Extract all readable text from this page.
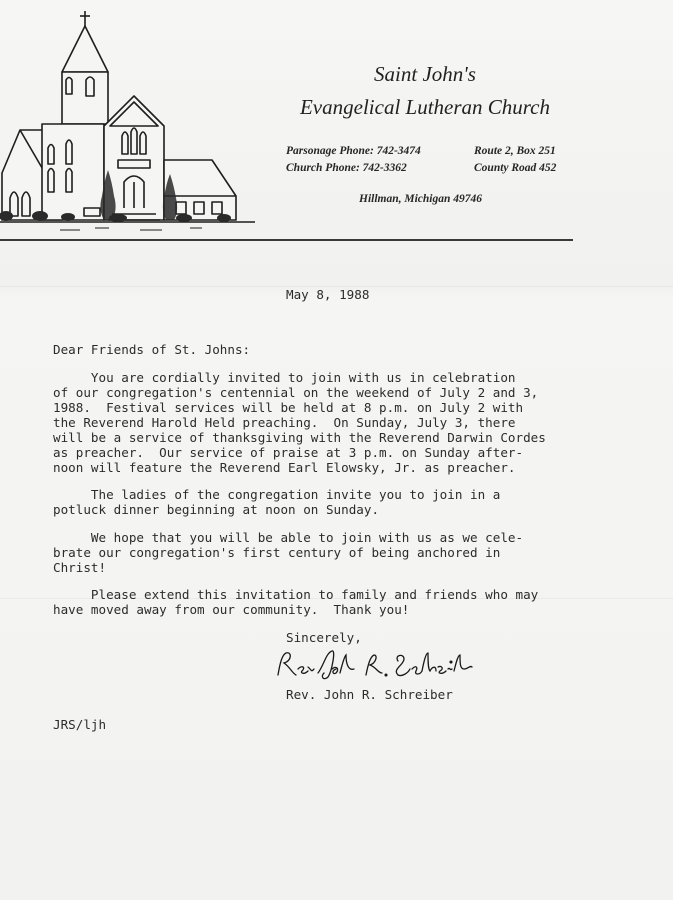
Saint John's
Evangelical Lutheran Church
Parsonage Phone: 742-3474
Church Phone: 742-3362
Route 2, Box 251
County Road 452
Hillman, Michigan 49746
May 8, 1988
Dear Friends of St. Johns:
You are cordially invited to join with us in celebration
of our congregation's centennial on the weekend of July 2 and 3,
1988.  Festival services will be held at 8 p.m. on July 2 with
the Reverend Harold Held preaching.  On Sunday, July 3, there
will be a service of thanksgiving with the Reverend Darwin Cordes
as preacher.  Our service of praise at 3 p.m. on Sunday after-
noon will feature the Reverend Earl Elowsky, Jr. as preacher.
The ladies of the congregation invite you to join in a
potluck dinner beginning at noon on Sunday.
We hope that you will be able to join with us as we cele-
brate our congregation's first century of being anchored in
Christ!
Please extend this invitation to family and friends who may
have moved away from our community.  Thank you!
Sincerely,
Rev. John R. Schreiber
JRS/ljh
